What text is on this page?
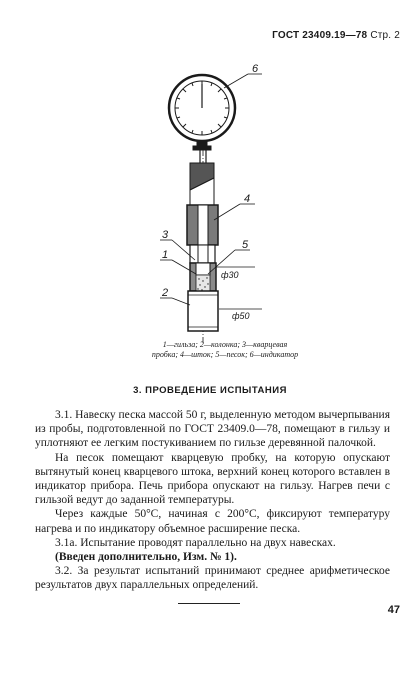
ГОСТ 23409.19—78 Стр. 2
6
4
3
5
1
2
ф30
ф50
1—гильза; 2—колонка; 3—кварцевая пробка; 4—шток; 5—песок; 6—индикатор
3. ПРОВЕДЕНИЕ ИСПЫТАНИЯ

3.1. Навеску песка массой 50 г, выделенную методом вычерпывания из пробы, подготовленной по ГОСТ 23409.0—78, помещают в гильзу и уплотняют ее легким постукиванием по гильзе деревянной палочкой.

На песок помещают кварцевую пробку, на которую опускают вытянутый конец кварцевого штока, верхний конец которого вставлен в индикатор прибора. Печь прибора опускают на гильзу. Нагрев печи с гильзой ведут до заданной температуры.

Через каждые 50°С, начиная с 200°С, фиксируют температуру нагрева и по индикатору объемное расширение песка.

3.1а. Испытание проводят параллельно на двух навесках.

(Введен дополнительно, Изм. № 1).

3.2. За результат испытаний принимают среднее арифметическое результатов двух параллельных определений.

47
